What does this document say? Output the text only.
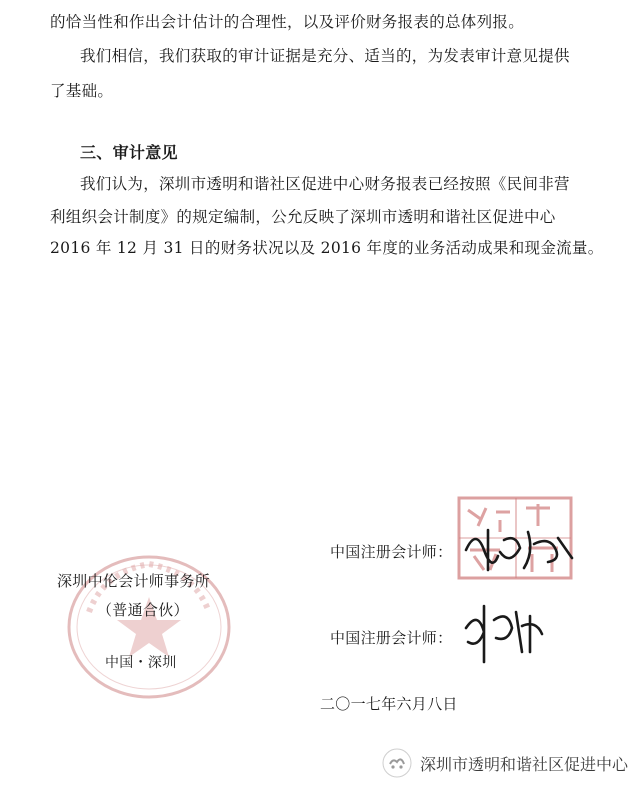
的恰当性和作出会计估计的合理性，以及评价财务报表的总体列报。
我们相信，我们获取的审计证据是充分、适当的，为发表审计意见提供
了基础。
三、审计意见
我们认为，深圳市透明和谐社区促进中心财务报表已经按照《民间非营
利组织会计制度》的规定编制，公允反映了深圳市透明和谐社区促进中心
2016 年 12 月 31 日的财务状况以及 2016 年度的业务活动成果和现金流量。
深圳中伦会计师事务所
（普通合伙）
中国・深圳
中国注册会计师：
中国注册会计师：
二〇一七年六月八日
深圳市透明和谐社区促进中心
